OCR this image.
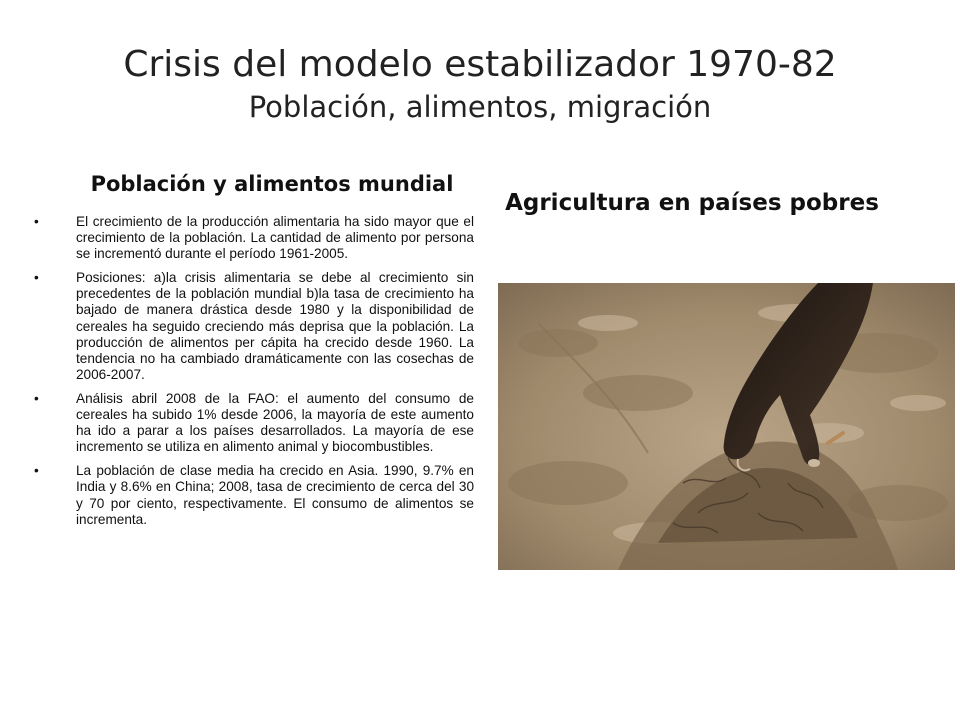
Crisis del modelo estabilizador 1970-82
Población, alimentos, migración
Población y alimentos mundial
•	El crecimiento de la producción alimentaria ha sido mayor que el crecimiento de la población. La cantidad de alimento por persona se incrementó durante el período 1961-2005.
•	Posiciones: a)la crisis alimentaria se debe al crecimiento sin precedentes de la población mundial b)la tasa de crecimiento ha bajado de manera drástica desde 1980 y la disponibilidad de cereales ha seguido creciendo más deprisa que la población. La producción de alimentos per cápita ha crecido desde 1960. La tendencia no ha cambiado dramáticamente con las cosechas de 2006-2007.
•	Análisis abril 2008 de la FAO: el aumento del consumo de cereales ha subido 1% desde 2006, la mayoría de este aumento ha ido a parar a los países desarrollados. La mayoría de ese incremento se utiliza en alimento animal y biocombustibles.
•	La población de clase media ha crecido en Asia. 1990, 9.7% en India y 8.6% en China; 2008, tasa de crecimiento de cerca del 30 y 70 por ciento, respectivamente. El consumo de alimentos se incrementa.
Agricultura en países pobres
